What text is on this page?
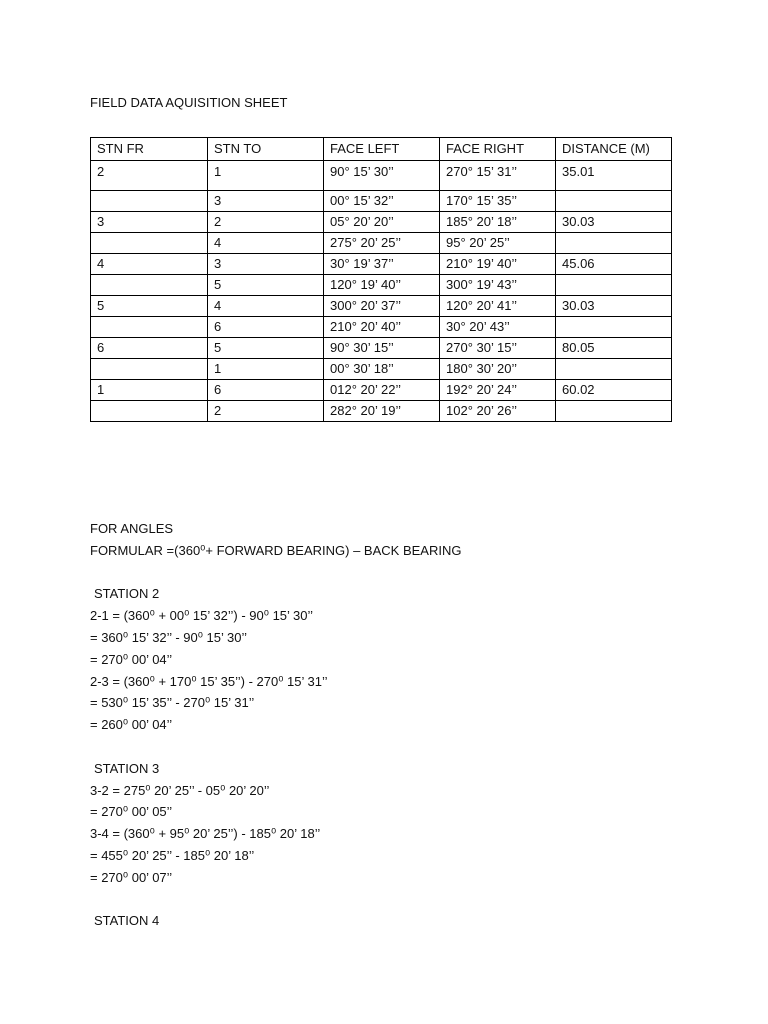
FIELD DATA AQUISITION SHEET
STN FR	STN TO	FACE LEFT	FACE RIGHT	DISTANCE (M)
2	1	90° 15’ 30’’	270° 15’ 31’’	35.01
	3	00° 15’ 32’’	170° 15’ 35’’	
3	2	05° 20’ 20’’	185° 20’ 18’’	30.03
	4	275° 20’ 25’’	95° 20’ 25’’	
4	3	30° 19’ 37’’	210° 19’ 40’’	45.06
	5	120° 19’ 40’’	300° 19’ 43’’	
5	4	300° 20’ 37’’	120° 20’ 41’’	30.03
	6	210° 20’ 40’’	30° 20’ 43’’	
6	5	90° 30’ 15’’	270° 30’ 15’’	80.05
	1	00° 30’ 18’’	180° 30’ 20’’	
1	6	012° 20’ 22’’	192° 20’ 24’’	60.02
	2	282° 20’ 19’’	102° 20’ 26’’	
FOR ANGLES
FORMULAR =(360⁰+ FORWARD BEARING) – BACK BEARING
STATION 2
2-1 = (360⁰ + 00⁰ 15’ 32’’) - 90⁰ 15’ 30’’
= 360⁰ 15’ 32’’ - 90⁰ 15’ 30’’
= 270⁰ 00’ 04’’
2-3 = (360⁰ + 170⁰ 15’ 35’’) - 270⁰ 15’ 31’’
= 530⁰ 15’ 35’’ - 270⁰ 15’ 31’’
= 260⁰ 00’ 04’’
STATION 3
3-2 = 275⁰ 20’ 25’’ - 05⁰ 20’ 20’’
= 270⁰ 00’ 05’’
3-4 = (360⁰ + 95⁰ 20’ 25’’) - 185⁰ 20’ 18’’
= 455⁰ 20’ 25’’ - 185⁰ 20’ 18’’
= 270⁰ 00’ 07’’
STATION 4
